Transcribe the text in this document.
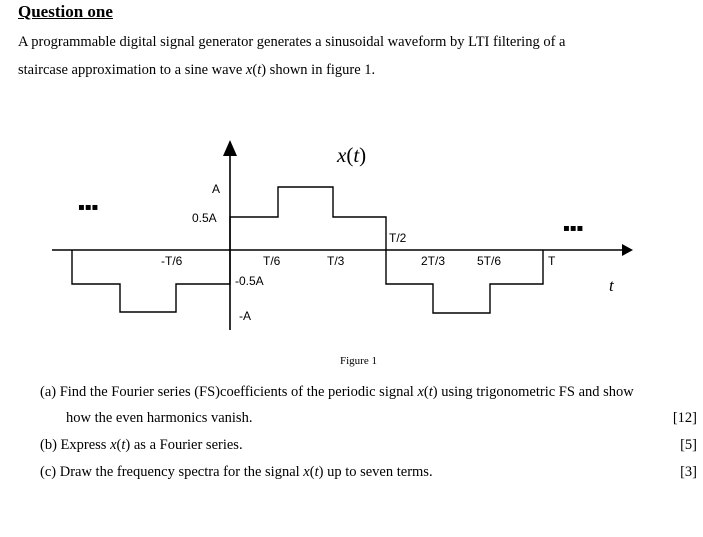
Question one
A programmable digital signal generator generates a sinusoidal waveform by LTI filtering of a
staircase approximation to a sine wave x(t) shown in figure 1.
x(t)
A
0.5A
-0.5A
-A
-T/6	T/6	T/3
T/2
2T/3	5T/6	T
t
▪▪▪
▪▪▪
Figure 1
(a) Find the Fourier series (FS)coefficients of the periodic signal x(t) using trigonometric FS and show
how the even harmonics vanish.	[12]
(b) Express x(t) as a Fourier series.	[5]
(c) Draw the frequency spectra for the signal x(t) up to seven terms.	[3]
